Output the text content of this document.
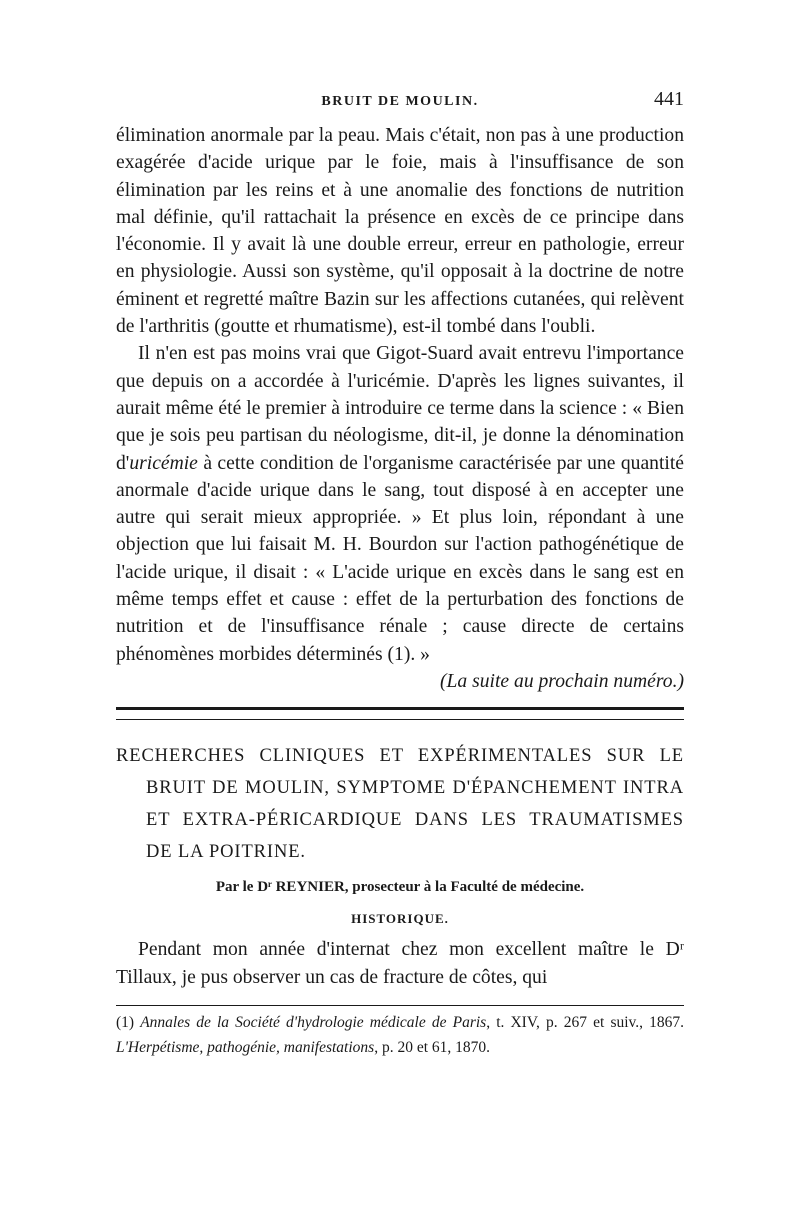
BRUIT DE MOULIN.	441

élimination anormale par la peau. Mais c'était, non pas à une production exagérée d'acide urique par le foie, mais à l'insuffisance de son élimination par les reins et à une anomalie des fonctions de nutrition mal définie, qu'il rattachait la présence en excès de ce principe dans l'économie. Il y avait là une double erreur, erreur en pathologie, erreur en physiologie. Aussi son système, qu'il opposait à la doctrine de notre éminent et regretté maître Bazin sur les affections cutanées, qui relèvent de l'arthritis (goutte et rhumatisme), est-il tombé dans l'oubli.

Il n'en est pas moins vrai que Gigot-Suard avait entrevu l'importance que depuis on a accordée à l'uricémie. D'après les lignes suivantes, il aurait même été le premier à introduire ce terme dans la science : « Bien que je sois peu partisan du néologisme, dit-il, je donne la dénomination d'uricémie à cette condition de l'organisme caractérisée par une quantité anormale d'acide urique dans le sang, tout disposé à en accepter une autre qui serait mieux appropriée. » Et plus loin, répondant à une objection que lui faisait M. H. Bourdon sur l'action pathogénétique de l'acide urique, il disait : « L'acide urique en excès dans le sang est en même temps effet et cause : effet de la perturbation des fonctions de nutrition et de l'insuffisance rénale ; cause directe de certains phénomènes morbides déterminés (1). »

(La suite au prochain numéro.)
RECHERCHES CLINIQUES ET EXPÉRIMENTALES SUR LE BRUIT DE MOULIN, SYMPTOME D'ÉPANCHEMENT INTRA ET EXTRA-PÉRICARDIQUE DANS LES TRAUMATISMES DE LA POITRINE.
Par le Dʳ REYNIER, prosecteur à la Faculté de médecine.
HISTORIQUE.

Pendant mon année d'internat chez mon excellent maître le Dʳ Tillaux, je pus observer un cas de fracture de côtes, qui

(1) Annales de la Société d'hydrologie médicale de Paris, t. XIV, p. 267 et suiv., 1867. L'Herpétisme, pathogénie, manifestations, p. 20 et 61, 1870.
